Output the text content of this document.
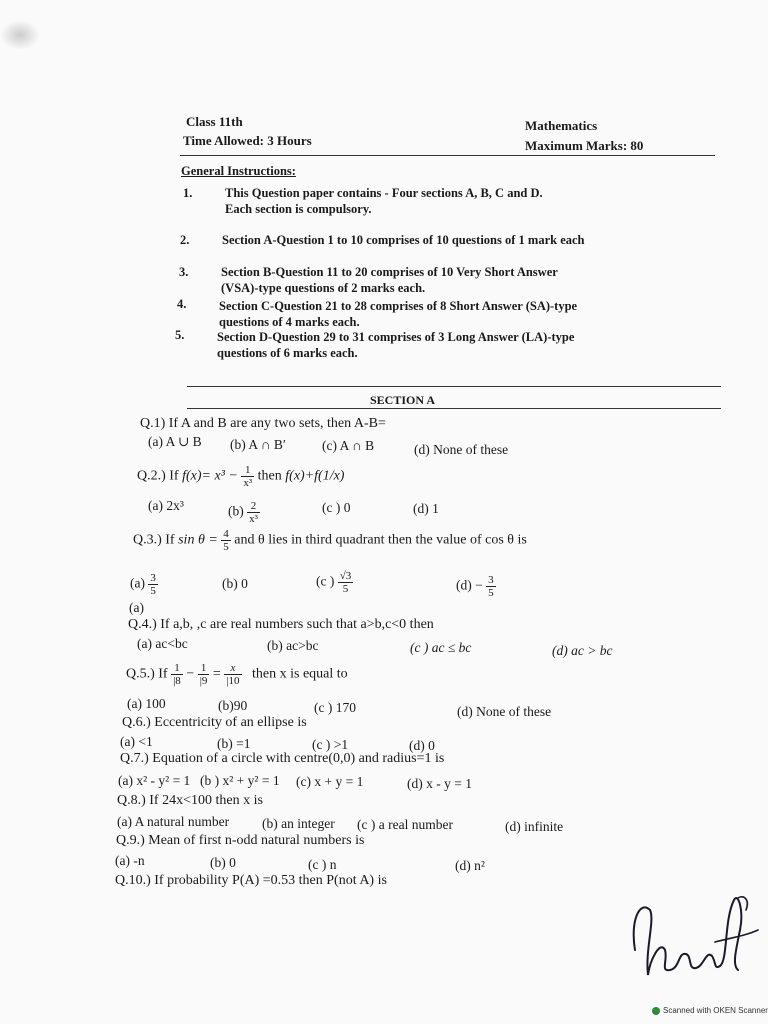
Class 11th
Time Allowed: 3 Hours
Mathematics
Maximum Marks: 80
General Instructions:
1.	This Question paper contains - Four sections A, B, C and D.
Each section is compulsory.
2.	Section A-Question 1 to 10 comprises of 10 questions of 1 mark each
3.	Section B-Question 11 to 20 comprises of 10 Very Short Answer
(VSA)-type questions of 2 marks each.
4.	Section C-Question 21 to 28 comprises of 8 Short Answer (SA)-type
questions of 4 marks each.
5.	Section D-Question 29 to 31 comprises of 3 Long Answer (LA)-type
questions of 6 marks each.
SECTION A
Q.1) If A and B are any two sets, then A-B=
(a) A ∪ B (b) A ∩ B′	(c) A ∩ B	(d) None of these
Q.2.) If $f(x)= x^3 - \frac{1}{\text{x³}}$ then f(x)+f(1/x)
(a) 2x³	$(b) \frac{2}{\text{x³}}$	(c ) 0	(d) 1
Q.3.) If $\sin \theta = \frac{4}{5}$ and θ lies in third quadrant then the value of cos θ is
$(a) \frac{3}{5}$	(b) 0	(c ) $\frac{√3}{5}$	$(d) - \frac{3}{5}$
(a)
Q.4.) If a,b, ,c are real numbers such that a>b,c<0 then
(a) ac<bc	(b) ac>bc	(c ) ac ≤ bc	(d) ac > bc
Q.5.) If $\frac{1}{|8} - \frac{1}{|9} = \frac{x}{|10}$ then x is equal to
(a) 100	(b)90	(c ) 170	(d) None of these
Q.6.) Eccentricity of an ellipse is
(a) <1	(b) =1	(c ) >1	(d) 0
Q.7.) Equation of a circle with centre(0,0) and radius=1 is
(a) x² - y² = 1 (b ) x² + y² = 1 (c) x + y = 1	(d) x - y = 1
Q.8.) If 24x<100 then x is
(a) A natural number (b) an integer (c ) a real number	(d) infinite
Q.9.) Mean of first n-odd natural numbers is
(a) -n	(b) 0	(c ) n	(d) n²
Q.10.) If probability P(A) =0.53 then P(not A) is
Scanned with OKEN Scanner
